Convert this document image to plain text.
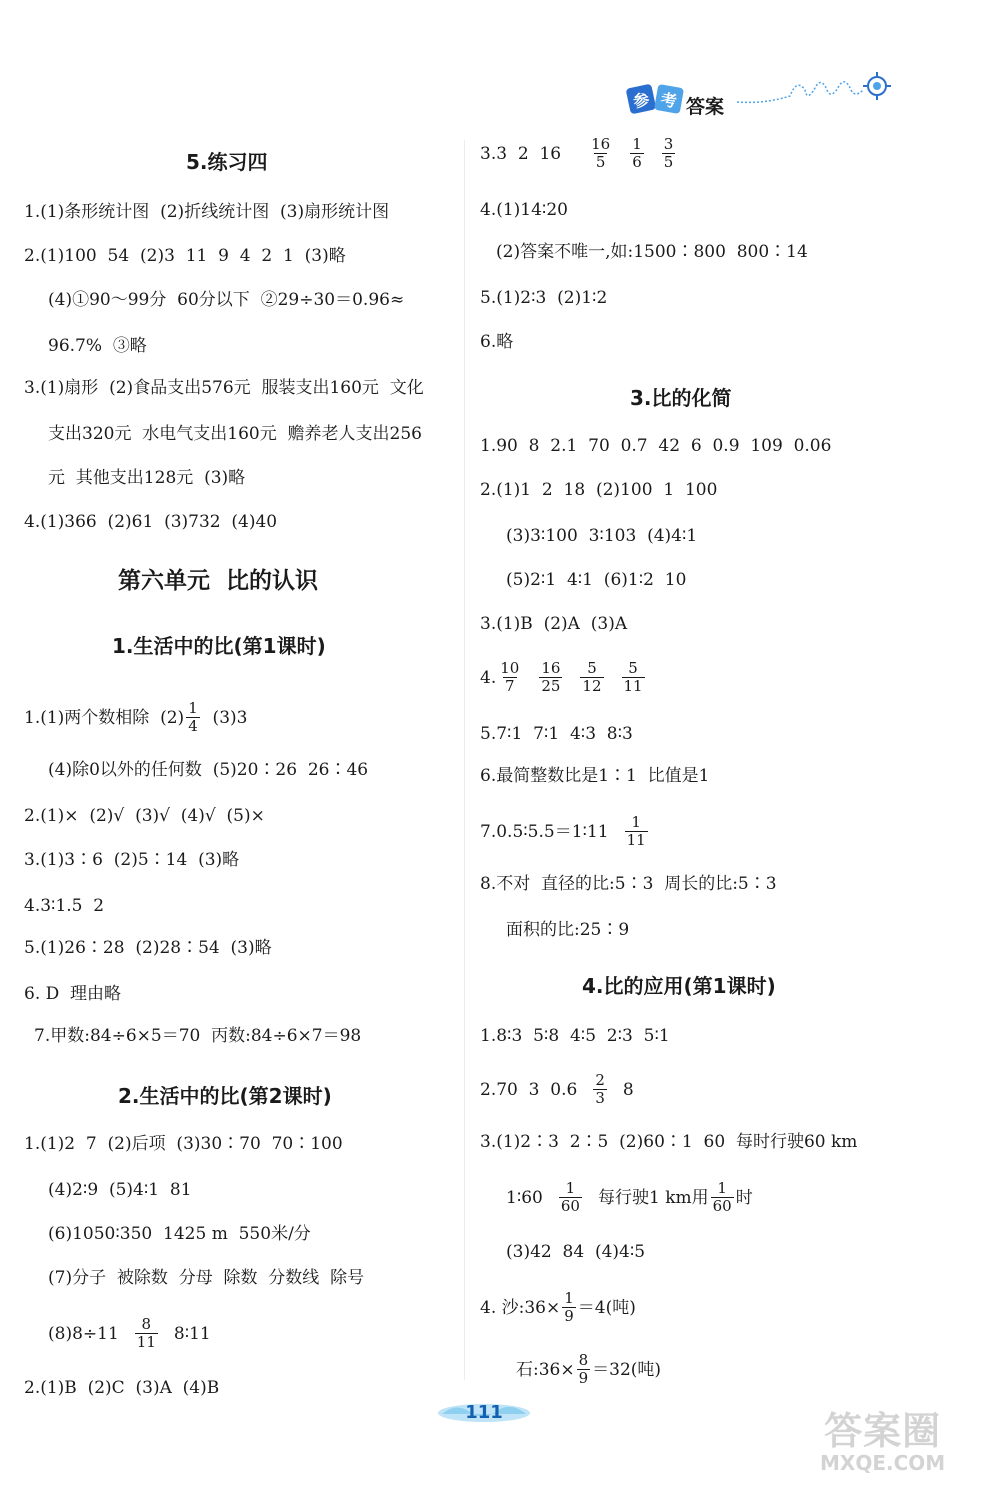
参 考 答案
5.练习四
1.(1)条形统计图  (2)折线统计图  (3)扇形统计图
2.(1)100  54  (2)3  11  9  4  2  1  (3)略
(4)①90～99分  60分以下  ②29÷30＝0.96≈
96.7%  ③略
3.(1)扇形  (2)食品支出576元  服装支出160元  文化
支出320元  水电气支出160元  赡养老人支出256
元  其他支出128元  (3)略
4.(1)366  (2)61  (3)732  (4)40
第六单元  比的认识
1.生活中的比(第1课时)
1.(1)两个数相除  (2) 1
4 (3)3
(4)除0以外的任何数  (5)20∶26  26∶46
2.(1)×  (2)√  (3)√  (4)√  (5)×
3.(1)3∶6  (2)5∶14  (3)略
4.3∶1.5  2
5.(1)26∶28  (2)28∶54  (3)略
6. D  理由略
7.甲数:84÷6×5＝70  丙数:84÷6×7＝98
2.生活中的比(第2课时)
1.(1)2  7  (2)后项  (3)30∶70  70∶100
(4)2∶9  (5)4∶1  81
(6)1050∶350  1425 m  550米/分
(7)分子  被除数  分母  除数  分数线  除号
(8)8÷11 8
11 8∶11
2.(1)B  (2)C  (3)A  (4)B
3.3  2  16 16
5
1
6
3
5
4.(1)14∶20
(2)答案不唯一,如:1500∶800  800∶14
5.(1)2∶3  (2)1∶2
6.略
3.比的化简
1.90  8  2.1  70  0.7  42  6  0.9  109  0.06
2.(1)1  2  18  (2)100  1  100
(3)3∶100  3∶103  (4)4∶1
(5)2∶1  4∶1  (6)1∶2  10
3.(1)B  (2)A  (3)A
4. 10
7
16
25
5
12
5
11
5.7∶1  7∶1  4∶3  8∶3
6.最简整数比是1∶1  比值是1
7.0.5∶5.5＝1∶11 1
11
8.不对  直径的比:5∶3  周长的比:5∶3
面积的比:25∶9
4.比的应用(第1课时)
1.8∶3  5∶8  4∶5  2∶3  5∶1
2.70  3  0.6 2
3 8
3.(1)2∶3  2∶5  (2)60∶1  60  每时行驶60 km
1∶60 1
60 每行驶1 km用 1
60 时
(3)42  84  (4)4∶5
4. 沙:36× $\frac{1}{9} =4$(吨)
石:36× $\frac{8}{9} =32$(吨)
111	答案圈
MXQE.COM
